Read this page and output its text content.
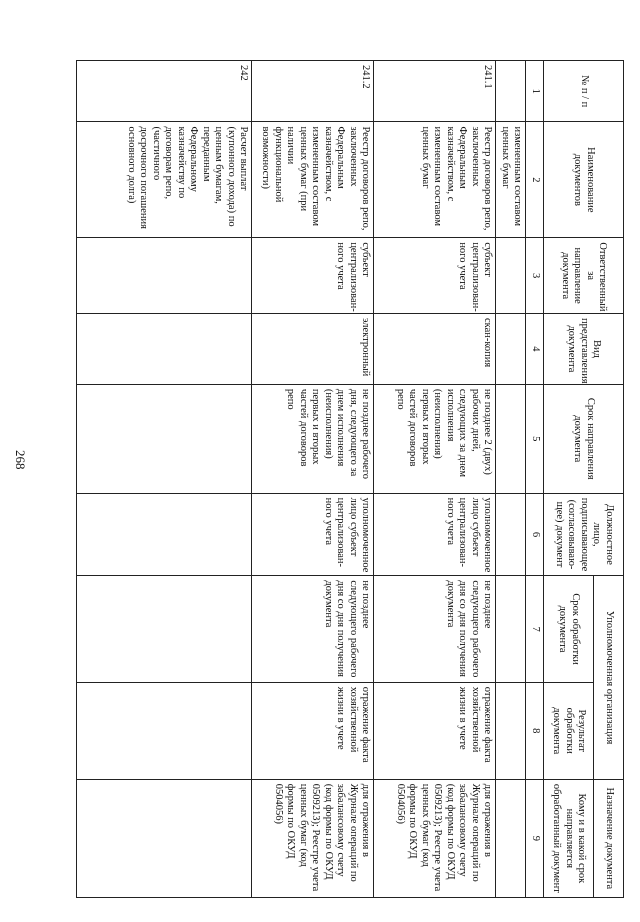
268
№ п / п	Наименование документов	Ответственный за направление документа	Вид представления документа	Срок направления документа	Должностное лицо, подписывающее (согласовываю-щее) документ	Уполномоченная организация		Назначение документа
						Срок обработки документа	Результат обработки документа	Кому и в какой срок направляется обработанный документ
1	2	3	4	5	6	7	8	9
	измененным составом ценных бумаг							
241.1	Реестр договоров репо, заключенных Федеральным казначейством, с измененным составом ценных бумаг	субъект централизован-ного учета	скан-копия	не позднее 2 (двух) рабочих дней, следующих за днем исполнения (неисполнения) первых и вторых частей договоров репо	уполномоченное лицо субъект централизован-ного учета	не позднее следующего рабочего дня со дня получения документа	отражение факта хозяйственной жизни в учете	для отражения в Журнале операций по забалансовому счету (код формы по ОКУД 0509213); Реестре учета ценных бумаг (код формы по ОКУД 0504056)
241.2	Реестр договоров репо, заключенных Федеральным казначейством, с измененным составом ценных бумаг (при наличии функциональной возможности)	субъект централизован-ного учета	электронный	не позднее рабочего дня, следующего за днем исполнения (неисполнения) первых и вторых частей договоров репо	уполномоченное лицо субъект централизован-ного учета	не позднее следующего рабочего дня со дня получения документа	отражение факта хозяйственной жизни в учете	для отражения в Журнале операций по забалансовому счету (код формы по ОКУД 0509213); Реестре учета ценных бумаг (код формы по ОКУД 0504056)
242	Расчет выплат (купонного дохода) по ценным бумагам, переданным Федеральному казначейству по договорам репо, (частичного досрочного погашения основного долга)							
